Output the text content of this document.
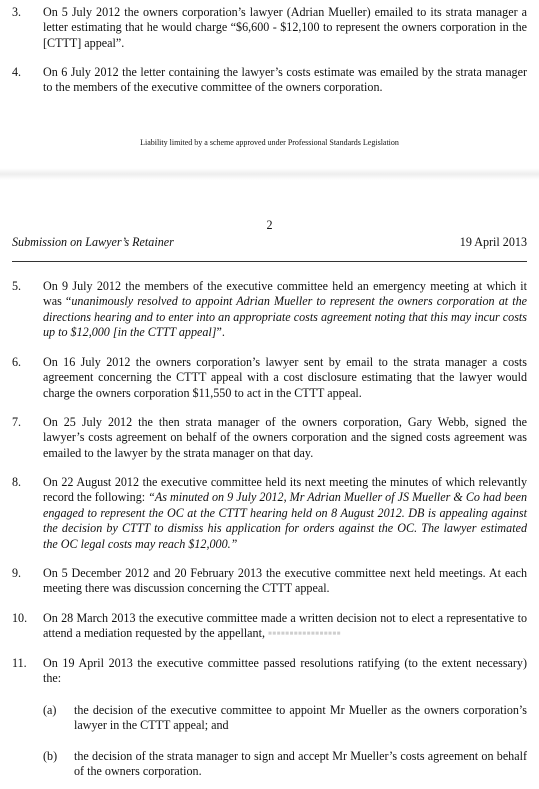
3. On 5 July 2012 the owners corporation’s lawyer (Adrian Mueller) emailed to its strata manager a letter estimating that he would charge “$6,600 - $12,100 to represent the owners corporation in the [CTTT] appeal”.
4. On 6 July 2012 the letter containing the lawyer’s costs estimate was emailed by the strata manager to the members of the executive committee of the owners corporation.
Liability limited by a scheme approved under Professional Standards Legislation
2
Submission on Lawyer’s Retainer	19 April 2013
5. On 9 July 2012 the members of the executive committee held an emergency meeting at which it was “unanimously resolved to appoint Adrian Mueller to represent the owners corporation at the directions hearing and to enter into an appropriate costs agreement noting that this may incur costs up to $12,000 [in the CTTT appeal]”.
6. On 16 July 2012 the owners corporation’s lawyer sent by email to the strata manager a costs agreement concerning the CTTT appeal with a cost disclosure estimating that the lawyer would charge the owners corporation $11,550 to act in the CTTT appeal.
7. On 25 July 2012 the then strata manager of the owners corporation, Gary Webb, signed the lawyer’s costs agreement on behalf of the owners corporation and the signed costs agreement was emailed to the lawyer by the strata manager on that day.
8. On 22 August 2012 the executive committee held its next meeting the minutes of which relevantly record the following: “As minuted on 9 July 2012, Mr Adrian Mueller of JS Mueller & Co had been engaged to represent the OC at the CTTT hearing held on 8 August 2012. DB is appealing against the decision by CTTT to dismiss his application for orders against the OC. The lawyer estimated the OC legal costs may reach $12,000.”
9. On 5 December 2012 and 20 February 2013 the executive committee next held meetings. At each meeting there was discussion concerning the CTTT appeal.
10. On 28 March 2013 the executive committee made a written decision not to elect a representative to attend a mediation requested by the appellant, ▪▪▪▪▪▪▪▪▪▪▪▪▪▪▪▪▪
11. On 19 April 2013 the executive committee passed resolutions ratifying (to the extent necessary) the:
(a) the decision of the executive committee to appoint Mr Mueller as the owners corporation’s lawyer in the CTTT appeal; and
(b) the decision of the strata manager to sign and accept Mr Mueller’s costs agreement on behalf of the owners corporation.
